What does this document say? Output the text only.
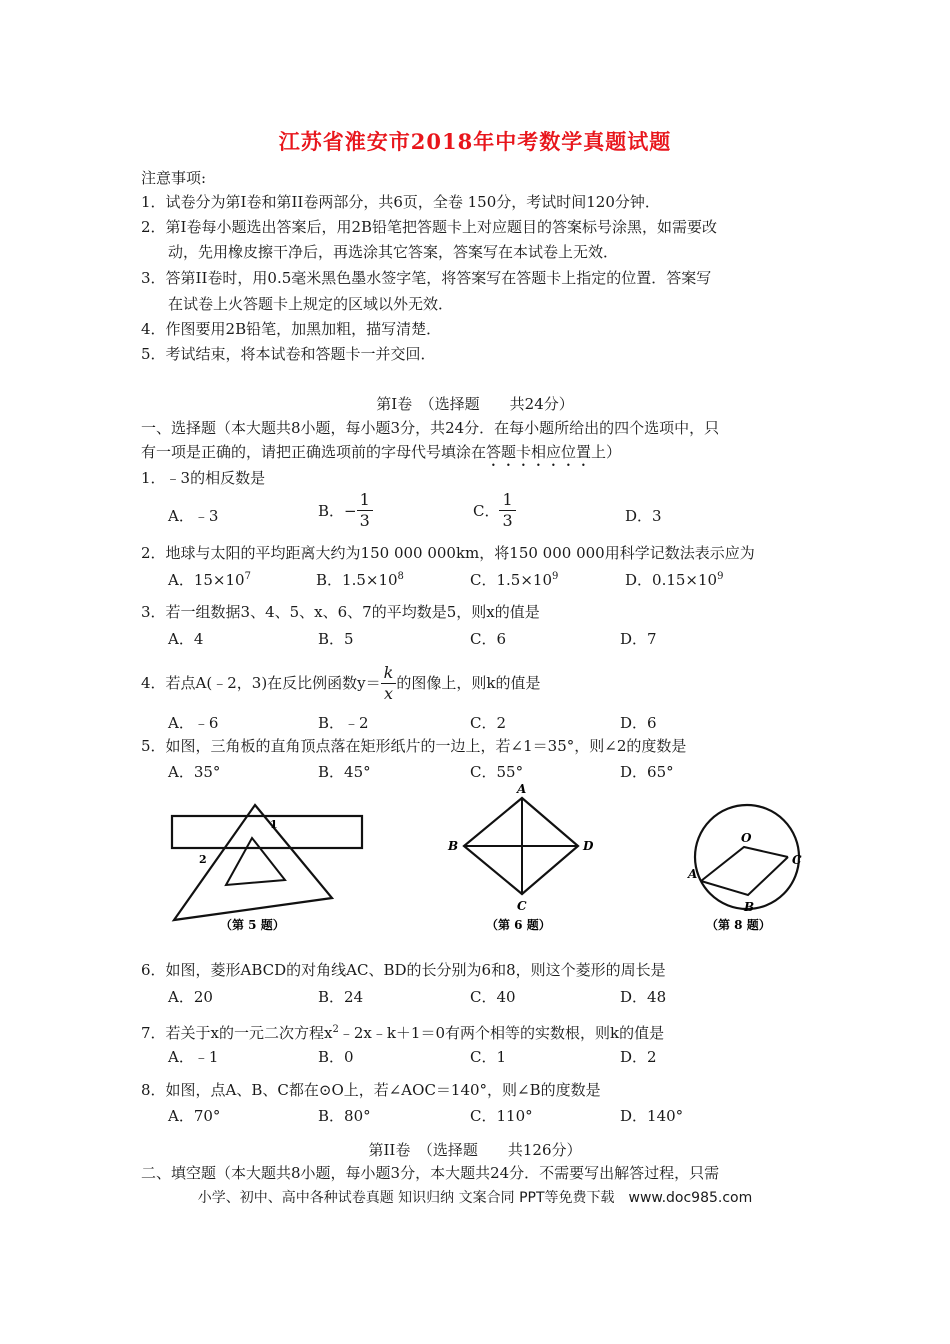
江苏省淮安市2018年中考数学真题试题
注意事项:
1．试卷分为第Ⅰ卷和第II卷两部分，共6页，全卷 150分，考试时间120分钟．
2．第Ⅰ卷每小题选出答案后，用2B铅笔把答题卡上对应题目的答案标号涂黑，如需要改
动，先用橡皮擦干净后，再选涂其它答案，答案写在本试卷上无效．
3．答第II卷时，用0.5毫米黑色墨水签字笔，将答案写在答题卡上指定的位置．答案写
在试卷上火答题卡上规定的区域以外无效．
4．作图要用2B铅笔，加黑加粗，描写清楚．
5．考试结束，将本试卷和答题卡一并交回．
第Ⅰ卷　（选择题　　共24分）
一、选择题（本大题共8小题，每小题3分，共24分．在每小题所给出的四个选项中，只
有一项是正确的，请把正确选项前的字母代号填涂在答题卡相应位置上）
1．﹣3的相反数是
A．﹣3	B．− $\frac{1}{3}$	C． $\frac{1}{3}$	D．3
2．地球与太阳的平均距离大约为150 000 000km，将150 000 000用科学记数法表示应为
A．$15\times 10^7$	B．$1.5\times 10^8$	C．$1.5\times 10^9$	D．$0.15\times 10^9$
3．若一组数据3、4、5、x、6、7的平均数是5，则x的值是
A．4	B．5	C．6	D．7
4．若点A(﹣2，3)在反比例函数$y= \frac{k}{x}$ 的图像上，则k的值是
A．﹣6	B．﹣2	C．2	D．6
5．如图，三角板的直角顶点落在矩形纸片的一边上，若∠1＝35°，则∠2的度数是
A．35°	B．45°	C．55°	D．65°
1
2
（第 5 题）
A
B
C
D
（第 6 题）
O
A
B
C
（第 8 题）
6．如图，菱形ABCD的对角线AC、BD的长分别为6和8，则这个菱形的周长是
A．20	B．24	C．40	D．48
7．若关于x的一元二次方程$x^2﹣2x﹣k+1=0$有两个相等的实数根，则k的值是
A．﹣1	B．0	C．1	D．2
8．如图，点A、B、C都在⊙O上，若∠AOC＝140°，则∠B的度数是
A．70°	B．80°	C．110°	D．140°
第II卷　（选择题　　共126分）
二、填空题（本大题共8小题，每小题3分，本大题共24分．不需要写出解答过程，只需
小学、初中、高中各种试卷真题 知识归纳 文案合同 PPT等免费下载　www.doc985.com
